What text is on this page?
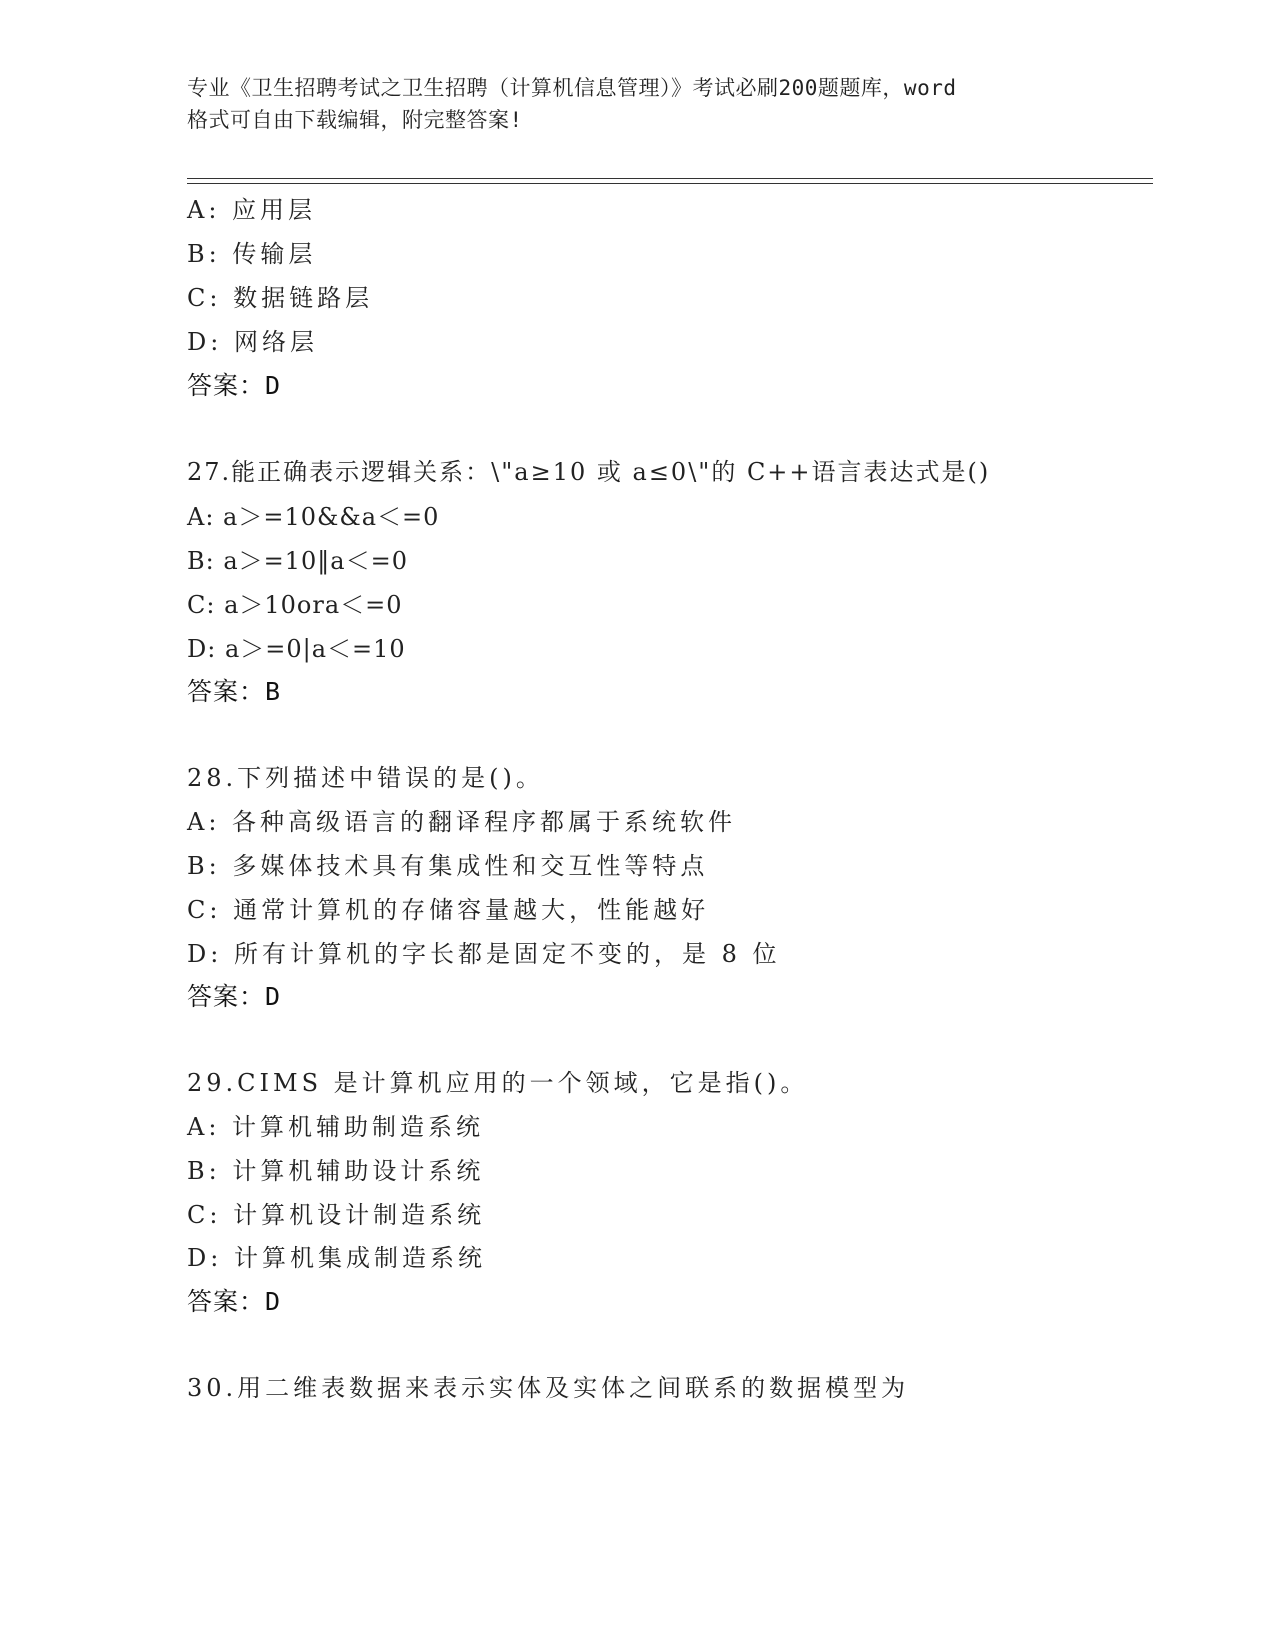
专业《卫生招聘考试之卫生招聘（计算机信息管理）》考试必刷200题题库，word
格式可自由下载编辑，附完整答案!
A: 应用层
B: 传输层
C: 数据链路层
D: 网络层
答案：D
27.能正确表示逻辑关系：\"a≥10 或 a≤0\"的 C++语言表达式是()
A: a＞=10&&a＜=0
B: a＞=10‖a＜=0
C: a＞10ora＜=0
D: a＞=0|a＜=10
答案：B
28.下列描述中错误的是()。
A: 各种高级语言的翻译程序都属于系统软件
B: 多媒体技术具有集成性和交互性等特点
C: 通常计算机的存储容量越大，性能越好
D: 所有计算机的字长都是固定不变的，是 8 位
答案：D
29.CIMS 是计算机应用的一个领域，它是指()。
A: 计算机辅助制造系统
B: 计算机辅助设计系统
C: 计算机设计制造系统
D: 计算机集成制造系统
答案：D
30.用二维表数据来表示实体及实体之间联系的数据模型为
